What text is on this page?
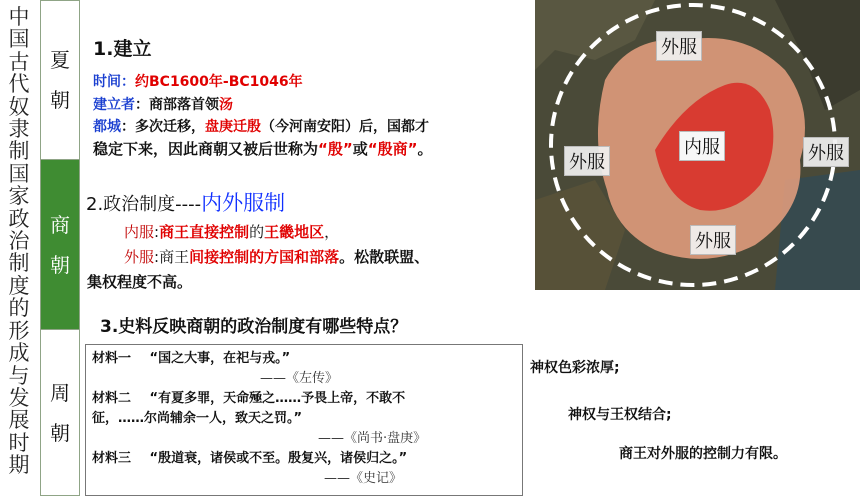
中
国
古
代
奴
隶
制
国
家
政
治
制
度
的
形
成
与
发
展
时
期
夏
朝
商
朝
周
朝
1.建立
时间：约BC1600年-BC1046年
建立者：商部落首领汤
都城：多次迁移，盘庚迁殷（今河南安阳）后，国都才
稳定下来，因此商朝又被后世称为“殷”或“殷商”。
2.政治制度----内外服制
内服:商王直接控制的王畿地区，
外服:商王间接控制的方国和部落。松散联盟、
集权程度不高。
3.史料反映商朝的政治制度有哪些特点？
外服
外服	外服
外服
内服
材料一 “国之大事，在祀与戎。”
——《左传》
材料二 “有夏多罪，天命殛之……予畏上帝，不敢不
征，……尔尚辅余一人，致天之罚。”
——《尚书·盘庚》
材料三 “殷道衰，诸侯或不至。殷复兴，诸侯归之。”
——《史记》
神权色彩浓厚;
神权与王权结合;
商王对外服的控制力有限。
